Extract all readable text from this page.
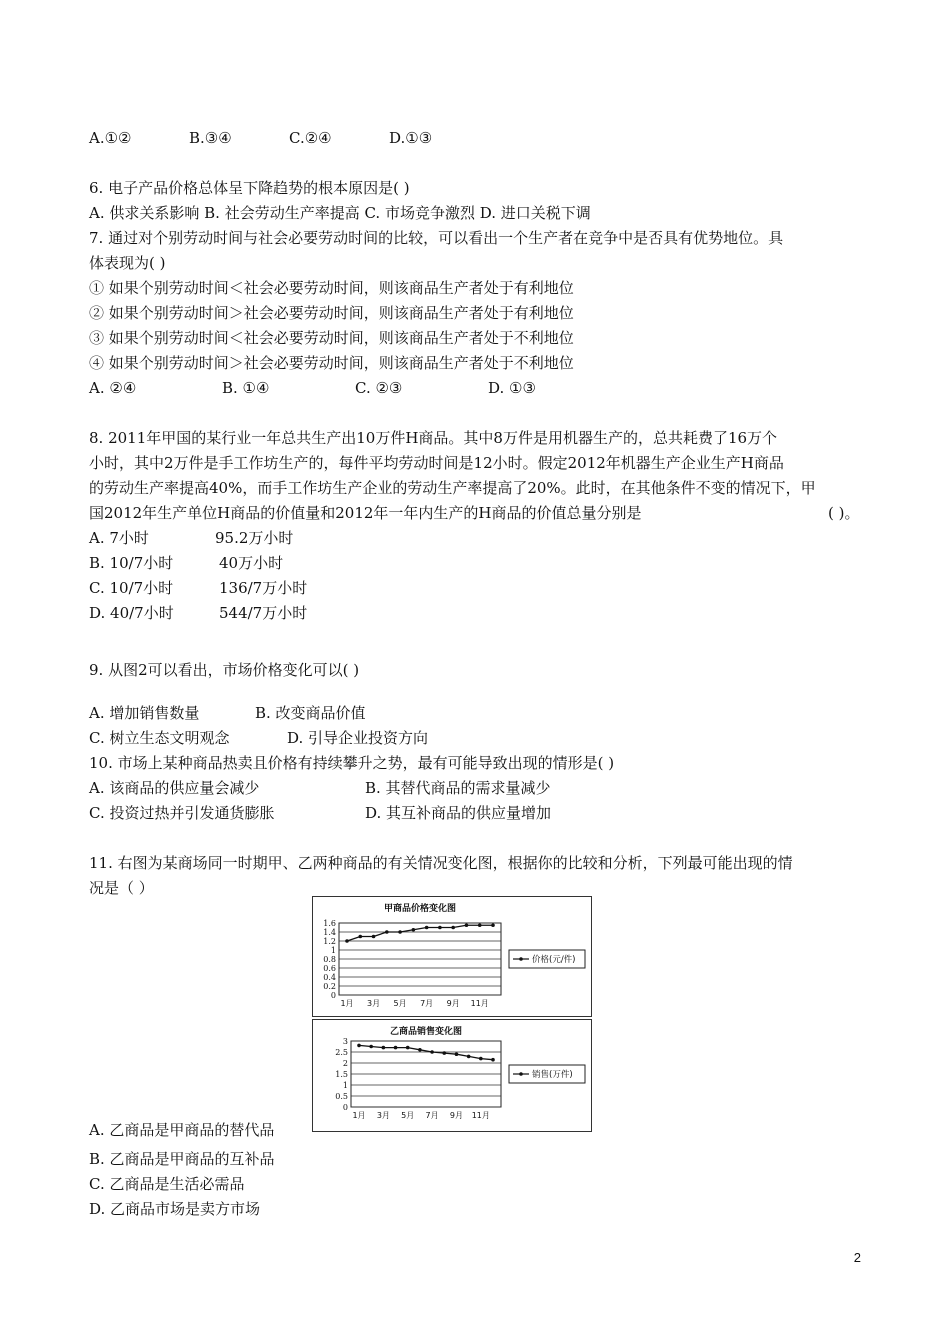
A.①②	B.③④	C.②④	D.①③
6. 电子产品价格总体呈下降趋势的根本原因是( )
A. 供求关系影响 B. 社会劳动生产率提高 C. 市场竞争激烈 D. 进口关税下调
7. 通过对个别劳动时间与社会必要劳动时间的比较，可以看出一个生产者在竞争中是否具有优势地位。具
体表现为( )
① 如果个别劳动时间＜社会必要劳动时间，则该商品生产者处于有利地位
② 如果个别劳动时间＞社会必要劳动时间，则该商品生产者处于有利地位
③ 如果个别劳动时间＜社会必要劳动时间，则该商品生产者处于不利地位
④ 如果个别劳动时间＞社会必要劳动时间，则该商品生产者处于不利地位
A. ②④	B. ①④	C. ②③	D. ①③
8. 2011年甲国的某行业一年总共生产出10万件H商品。其中8万件是用机器生产的，总共耗费了16万个
小时，其中2万件是手工作坊生产的，每件平均劳动时间是12小时。假定2012年机器生产企业生产H商品
的劳动生产率提高40%，而手工作坊生产企业的劳动生产率提高了20%。此时，在其他条件不变的情况下，甲
国2012年生产单位H商品的价值量和2012年一年内生产的H商品的价值总量分别是	( )。
A. 7小时	95.2万小时
B. 10/7小时	40万小时
C. 10/7小时	136/7万小时
D. 40/7小时	544/7万小时
9. 从图2可以看出，市场价格变化可以( )
A. 增加销售数量	B. 改变商品价值
C. 树立生态文明观念	D. 引导企业投资方向
10. 市场上某种商品热卖且价格有持续攀升之势，最有可能导致出现的情形是( )
A. 该商品的供应量会减少	B. 其替代商品的需求量减少
C. 投资过热并引发通货膨胀	D. 其互补商品的供应量增加
11. 右图为某商场同一时期甲、乙两种商品的有关情况变化图，根据你的比较和分析，下列最可能出现的情
况是（ ）
甲商品价格变化图
1.6
1.4
1.2
1
0.8
0.6
0.4
0.2
0
1月 3月 5月 7月 9月 11月
价格(元/件)
乙商品销售变化图
3
2.5
2
1.5
1
0.5
0
1月 3月 5月 7月 9月 11月
销售(万件)
A. 乙商品是甲商品的替代品
B. 乙商品是甲商品的互补品
C. 乙商品是生活必需品
D. 乙商品市场是卖方市场
2
